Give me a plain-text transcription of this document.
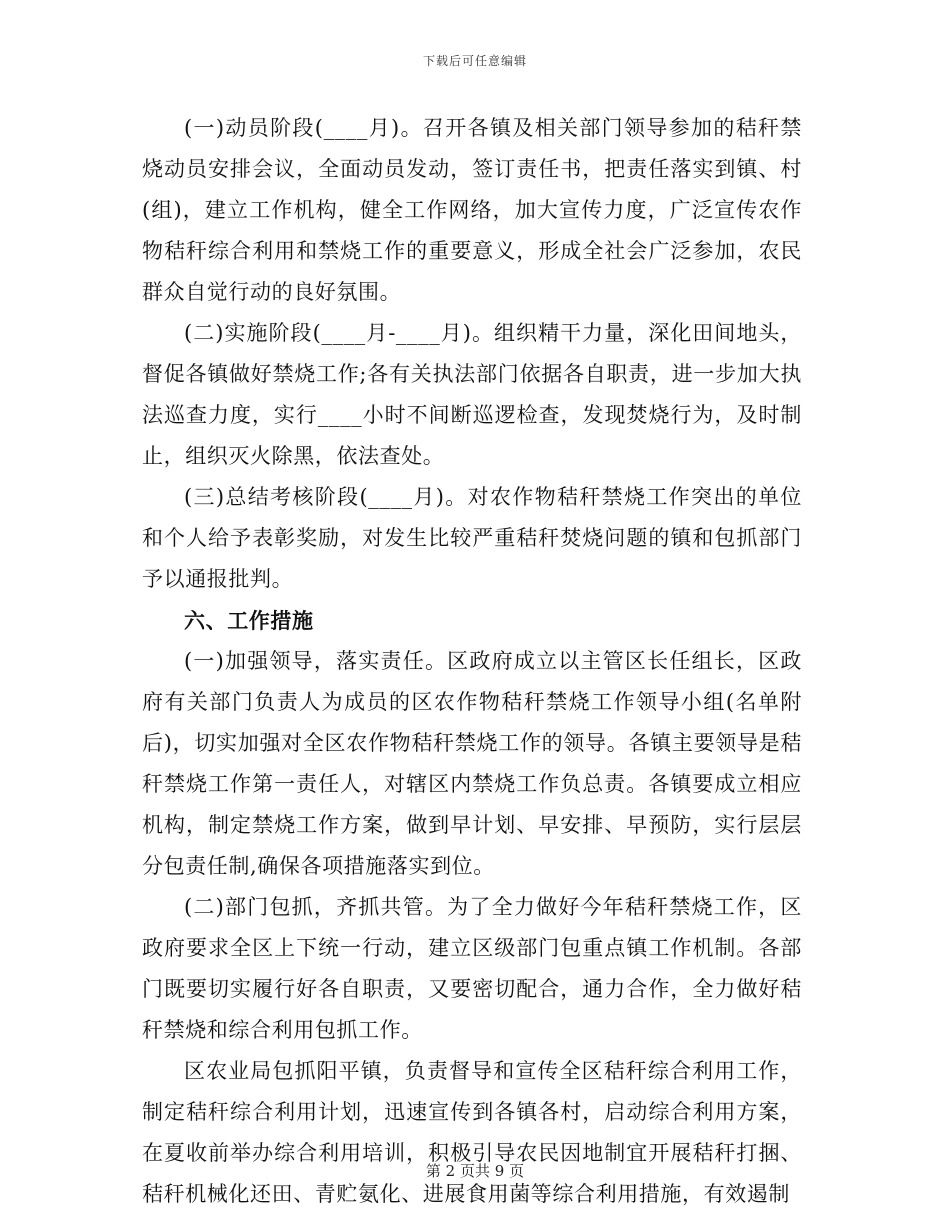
下载后可任意编辑

(一)动员阶段(____月)。召开各镇及相关部门领导参加的秸秆禁烧动员安排会议，全面动员发动，签订责任书，把责任落实到镇、村(组)，建立工作机构，健全工作网络，加大宣传力度，广泛宣传农作物秸秆综合利用和禁烧工作的重要意义，形成全社会广泛参加，农民群众自觉行动的良好氛围。

(二)实施阶段(____月-____月)。组织精干力量，深化田间地头，督促各镇做好禁烧工作;各有关执法部门依据各自职责，进一步加大执法巡查力度，实行____小时不间断巡逻检查，发现焚烧行为，及时制止，组织灭火除黑，依法查处。

(三)总结考核阶段(____月)。对农作物秸秆禁烧工作突出的单位和个人给予表彰奖励，对发生比较严重秸秆焚烧问题的镇和包抓部门予以通报批判。

六、工作措施

(一)加强领导，落实责任。区政府成立以主管区长任组长，区政府有关部门负责人为成员的区农作物秸秆禁烧工作领导小组(名单附后)，切实加强对全区农作物秸秆禁烧工作的领导。各镇主要领导是秸秆禁烧工作第一责任人，对辖区内禁烧工作负总责。各镇要成立相应机构，制定禁烧工作方案，做到早计划、早安排、早预防，实行层层分包责任制,确保各项措施落实到位。

(二)部门包抓，齐抓共管。为了全力做好今年秸秆禁烧工作，区政府要求全区上下统一行动，建立区级部门包重点镇工作机制。各部门既要切实履行好各自职责，又要密切配合，通力合作，全力做好秸秆禁烧和综合利用包抓工作。

区农业局包抓阳平镇，负责督导和宣传全区秸秆综合利用工作，制定秸秆综合利用计划，迅速宣传到各镇各村，启动综合利用方案，在夏收前举办综合利用培训，积极引导农民因地制宜开展秸秆打捆、秸秆机械化还田、青贮氨化、进展食用菌等综合利用措施，有效遏制

第 2 页共 9 页
